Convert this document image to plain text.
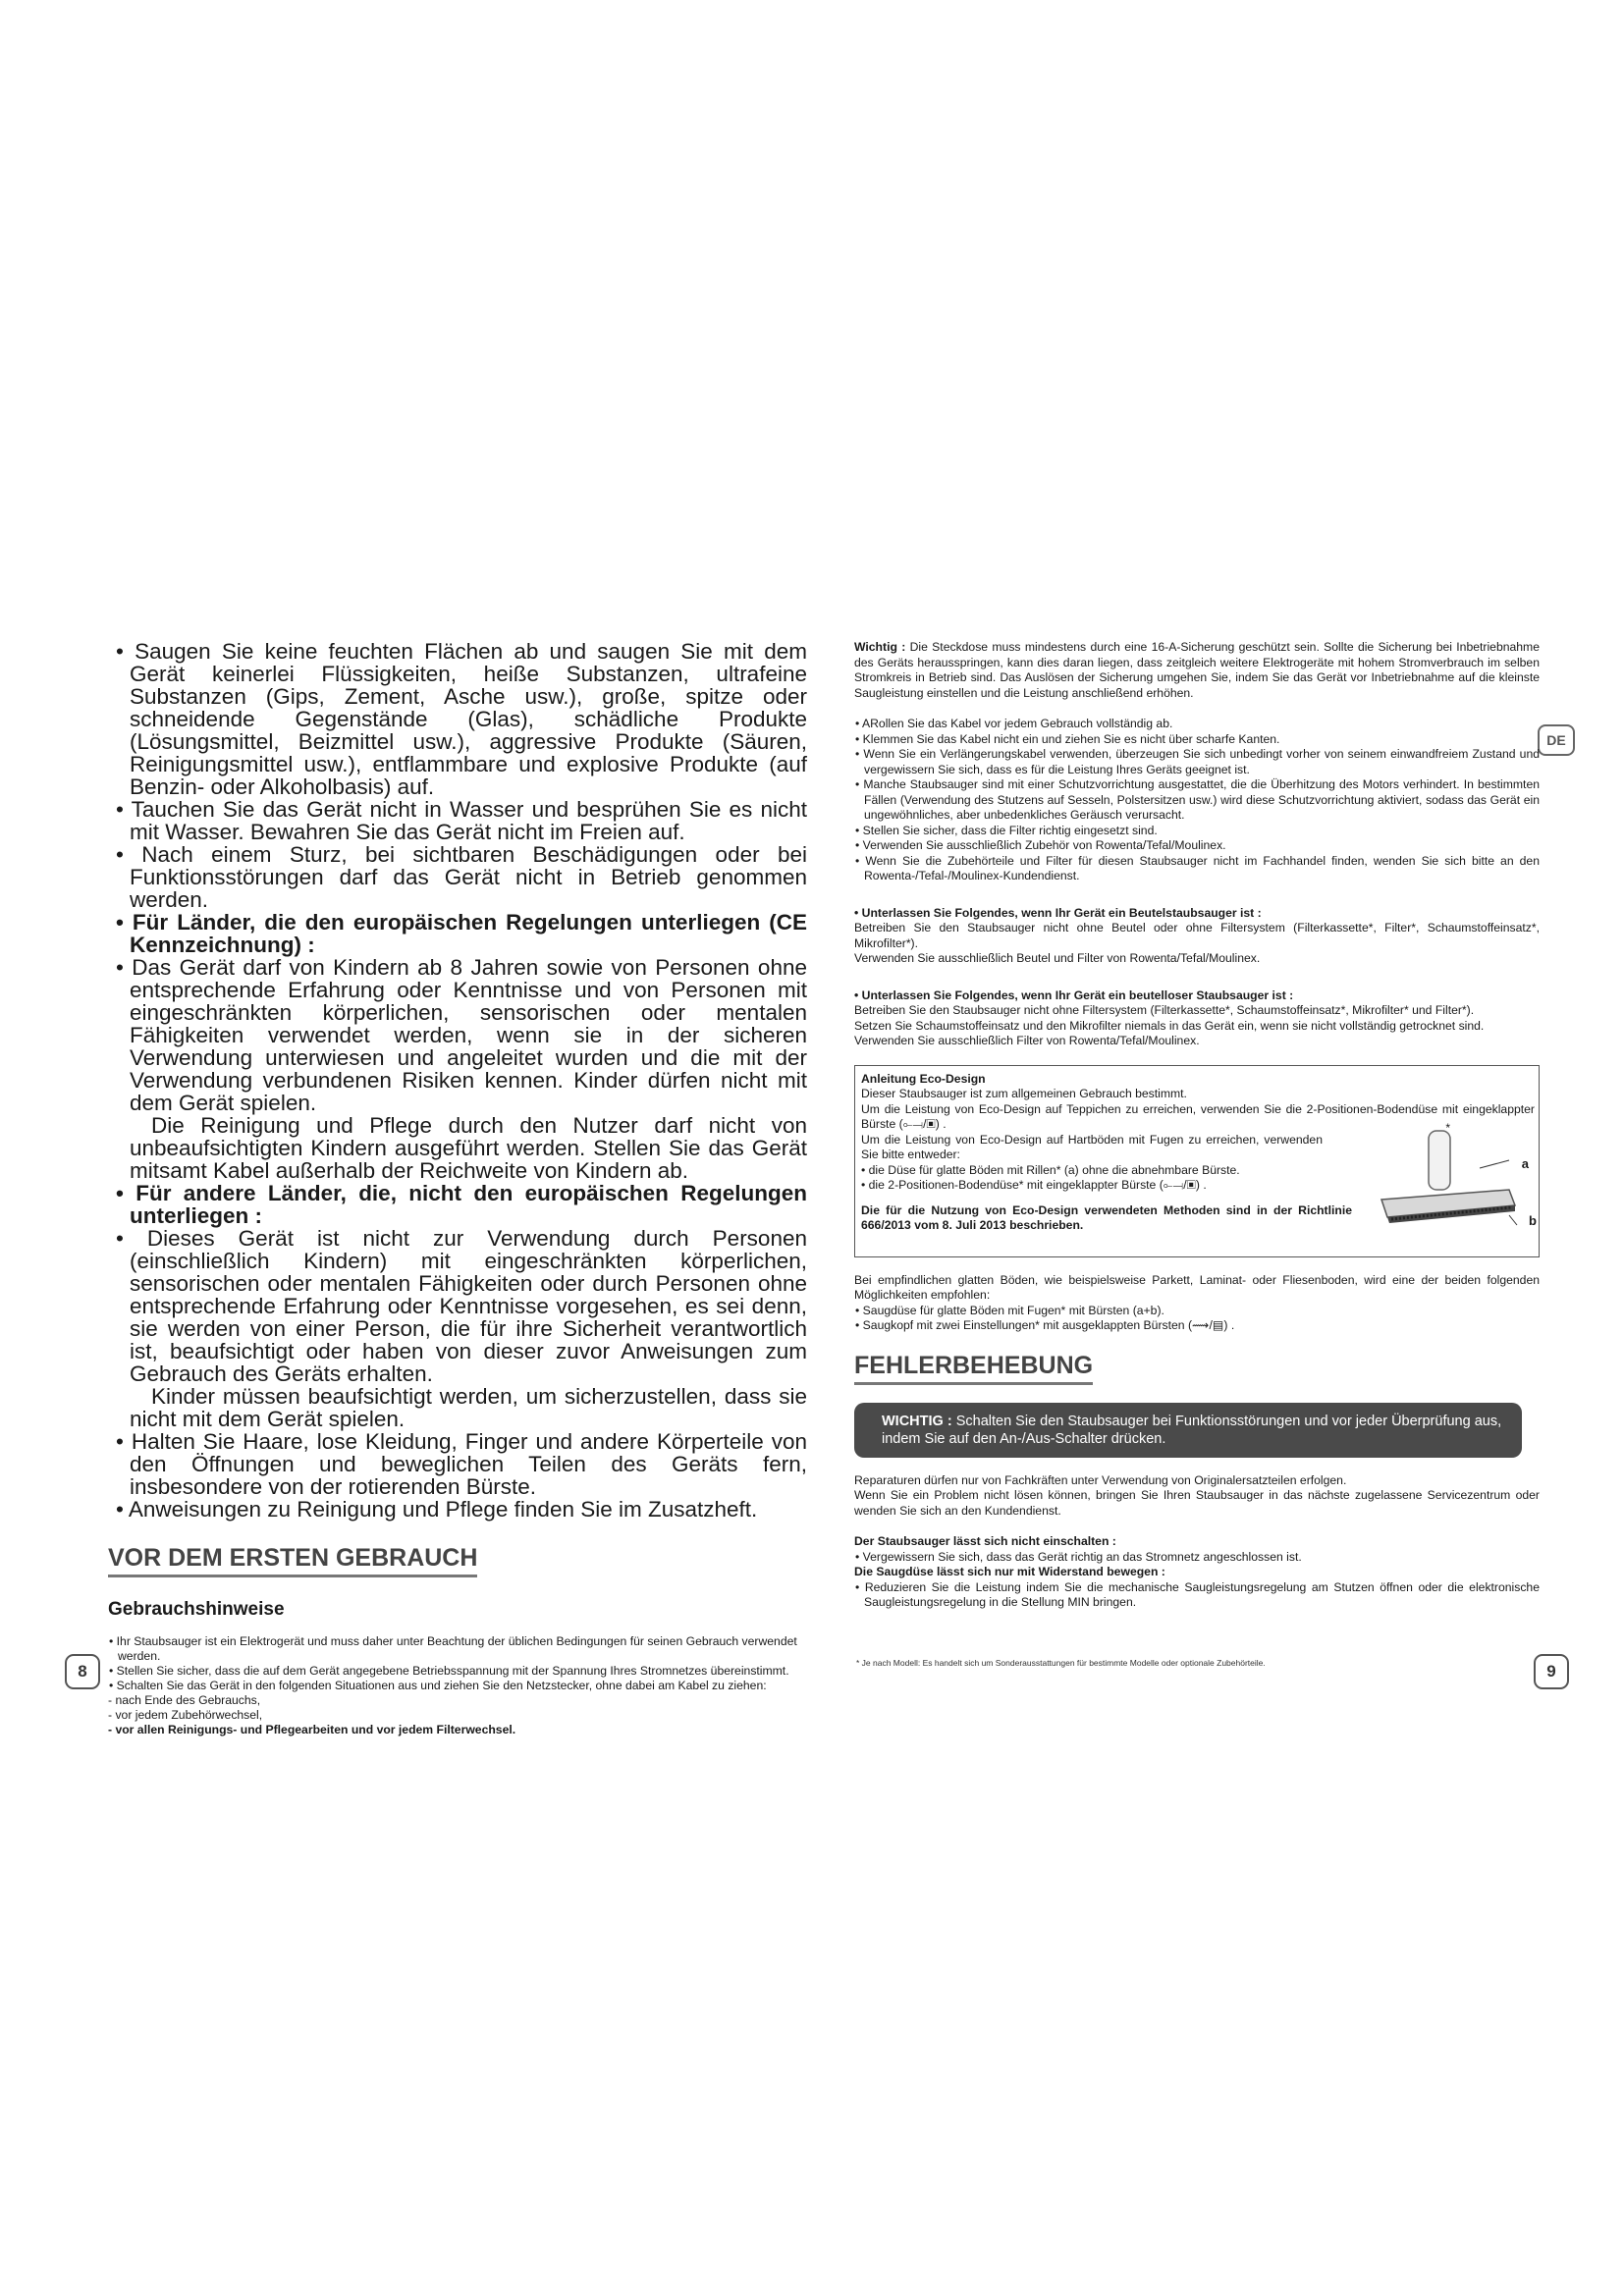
• Saugen Sie keine feuchten Flächen ab und saugen Sie mit dem Gerät keinerlei Flüssigkeiten, heiße Substanzen, ultrafeine Substanzen (Gips, Zement, Asche usw.), große, spitze oder schneidende Gegenstände (Glas), schädliche Produkte (Lösungsmittel, Beizmittel usw.), aggressive Produkte (Säuren, Reinigungsmittel usw.), entflammbare und explosive Produkte (auf Benzin- oder Alkoholbasis) auf.

• Tauchen Sie das Gerät nicht in Wasser und besprühen Sie es nicht mit Wasser. Bewahren Sie das Gerät nicht im Freien auf.

• Nach einem Sturz, bei sichtbaren Beschädigungen oder bei Funktionsstörungen darf das Gerät nicht in Betrieb genommen werden.

• Für Länder, die den europäischen Regelungen unterliegen (CE Kennzeichnung) :

• Das Gerät darf von Kindern ab 8 Jahren sowie von Personen ohne entsprechende Erfahrung oder Kenntnisse und von Personen mit eingeschränkten körperlichen, sensorischen oder mentalen Fähigkeiten verwendet werden, wenn sie in der sicheren Verwendung unterwiesen und angeleitet wurden und die mit der Verwendung verbundenen Risiken kennen. Kinder dürfen nicht mit dem Gerät spielen.

Die Reinigung und Pflege durch den Nutzer darf nicht von unbeaufsichtigten Kindern ausgeführt werden. Stellen Sie das Gerät mitsamt Kabel außerhalb der Reichweite von Kindern ab.

• Für andere Länder, die, nicht den europäischen Regelungen unterliegen :

• Dieses Gerät ist nicht zur Verwendung durch Personen (einschließlich Kindern) mit eingeschränkten körperlichen, sensorischen oder mentalen Fähigkeiten oder durch Personen ohne entsprechende Erfahrung oder Kenntnisse vorgesehen, es sei denn, sie werden von einer Person, die für ihre Sicherheit verantwortlich ist, beaufsichtigt oder haben von dieser zuvor Anweisungen zum Gebrauch des Geräts erhalten.

Kinder müssen beaufsichtigt werden, um sicherzustellen, dass sie nicht mit dem Gerät spielen.

• Halten Sie Haare, lose Kleidung, Finger und andere Körperteile von den Öffnungen und beweglichen Teilen des Geräts fern, insbesondere von der rotierenden Bürste.

• Anweisungen zu Reinigung und Pflege finden Sie im Zusatzheft.

VOR DEM ERSTEN GEBRAUCH
Gebrauchshinweise

• Ihr Staubsauger ist ein Elektrogerät und muss daher unter Beachtung der üblichen Bedingungen für seinen Gebrauch verwendet werden.

• Stellen Sie sicher, dass die auf dem Gerät angegebene Betriebsspannung mit der Spannung Ihres Stromnetzes übereinstimmt.

• Schalten Sie das Gerät in den folgenden Situationen aus und ziehen Sie den Netzstecker, ohne dabei am Kabel zu ziehen:

- nach Ende des Gebrauchs,

- vor jedem Zubehörwechsel,

- vor allen Reinigungs- und Pflegearbeiten und vor jedem Filterwechsel.

8
DE
Wichtig : Die Steckdose muss mindestens durch eine 16-A-Sicherung geschützt sein. Sollte die Sicherung bei Inbetriebnahme des Geräts herausspringen, kann dies daran liegen, dass zeitgleich weitere Elektrogeräte mit hohem Stromverbrauch im selben Stromkreis in Betrieb sind. Das Auslösen der Sicherung umgehen Sie, indem Sie das Gerät vor Inbetriebnahme auf die kleinste Saugleistung einstellen und die Leistung anschließend erhöhen.

• ARollen Sie das Kabel vor jedem Gebrauch vollständig ab.

• Klemmen Sie das Kabel nicht ein und ziehen Sie es nicht über scharfe Kanten.

• Wenn Sie ein Verlängerungskabel verwenden, überzeugen Sie sich unbedingt vorher von seinem einwandfreiem Zustand und vergewissern Sie sich, dass es für die Leistung Ihres Geräts geeignet ist.

• Manche Staubsauger sind mit einer Schutzvorrichtung ausgestattet, die die Überhitzung des Motors verhindert. In bestimmten Fällen (Verwendung des Stutzens auf Sesseln, Polstersitzen usw.) wird diese Schutzvorrichtung aktiviert, sodass das Gerät ein ungewöhnliches, aber unbedenkliches Geräusch verursacht.

• Stellen Sie sicher, dass die Filter richtig eingesetzt sind.

• Verwenden Sie ausschließlich Zubehör von Rowenta/Tefal/Moulinex.

• Wenn Sie die Zubehörteile und Filter für diesen Staubsauger nicht im Fachhandel finden, wenden Sie sich bitte an den Rowenta-/Tefal-/Moulinex-Kundendienst.

• Unterlassen Sie Folgendes, wenn Ihr Gerät ein Beutelstaubsauger ist :

Betreiben Sie den Staubsauger nicht ohne Beutel oder ohne Filtersystem (Filterkassette*, Filter*, Schaumstoffeinsatz*, Mikrofilter*).

Verwenden Sie ausschließlich Beutel und Filter von Rowenta/Tefal/Moulinex.

• Unterlassen Sie Folgendes, wenn Ihr Gerät ein beutelloser Staubsauger ist :

Betreiben Sie den Staubsauger nicht ohne Filtersystem (Filterkassette*, Schaumstoffeinsatz*, Mikrofilter* und Filter*).

Setzen Sie Schaumstoffeinsatz und den Mikrofilter niemals in das Gerät ein, wenn sie nicht vollständig getrocknet sind.

Verwenden Sie ausschließlich Filter von Rowenta/Tefal/Moulinex.

Anleitung Eco-Design

Dieser Staubsauger ist zum allgemeinen Gebrauch bestimmt.

Um die Leistung von Eco-Design auf Teppichen zu erreichen, verwenden Sie die 2-Positionen-Bodendüse mit eingeklappter Bürste (⟜⟞/▣) .

Um die Leistung von Eco-Design auf Hartböden mit Fugen zu erreichen, verwenden Sie bitte entweder:

• die Düse für glatte Böden mit Rillen* (a) ohne die abnehmbare Bürste.

• die 2-Positionen-Bodendüse* mit eingeklappter Bürste (⟜⟞/▣) .

Die für die Nutzung von Eco-Design verwendeten Methoden sind in der Richtlinie 666/2013 vom 8. Juli 2013 beschrieben.

*
a
b

Bei empfindlichen glatten Böden, wie beispielsweise Parkett, Laminat- oder Fliesenboden, wird eine der beiden folgenden Möglichkeiten empfohlen:

• Saugdüse für glatte Böden mit Fugen* mit Bürsten (a+b).

• Saugkopf mit zwei Einstellungen* mit ausgeklappten Bürsten (⟿/▤) .

FEHLERBEHEBUNG
WICHTIG : Schalten Sie den Staubsauger bei Funktionsstörungen und vor jeder Überprüfung aus, indem Sie auf den An-/Aus-Schalter drücken.

Reparaturen dürfen nur von Fachkräften unter Verwendung von Originalersatzteilen erfolgen.

Wenn Sie ein Problem nicht lösen können, bringen Sie Ihren Staubsauger in das nächste zugelassene Servicezentrum oder wenden Sie sich an den Kundendienst.

Der Staubsauger lässt sich nicht einschalten :

• Vergewissern Sie sich, dass das Gerät richtig an das Stromnetz angeschlossen ist.

Die Saugdüse lässt sich nur mit Widerstand bewegen :

• Reduzieren Sie die Leistung indem Sie die mechanische Saugleistungsregelung am Stutzen öffnen oder die elektronische Saugleistungsregelung in die Stellung MIN bringen.

* Je nach Modell: Es handelt sich um Sonderausstattungen für bestimmte Modelle oder optionale Zubehörteile.	9
